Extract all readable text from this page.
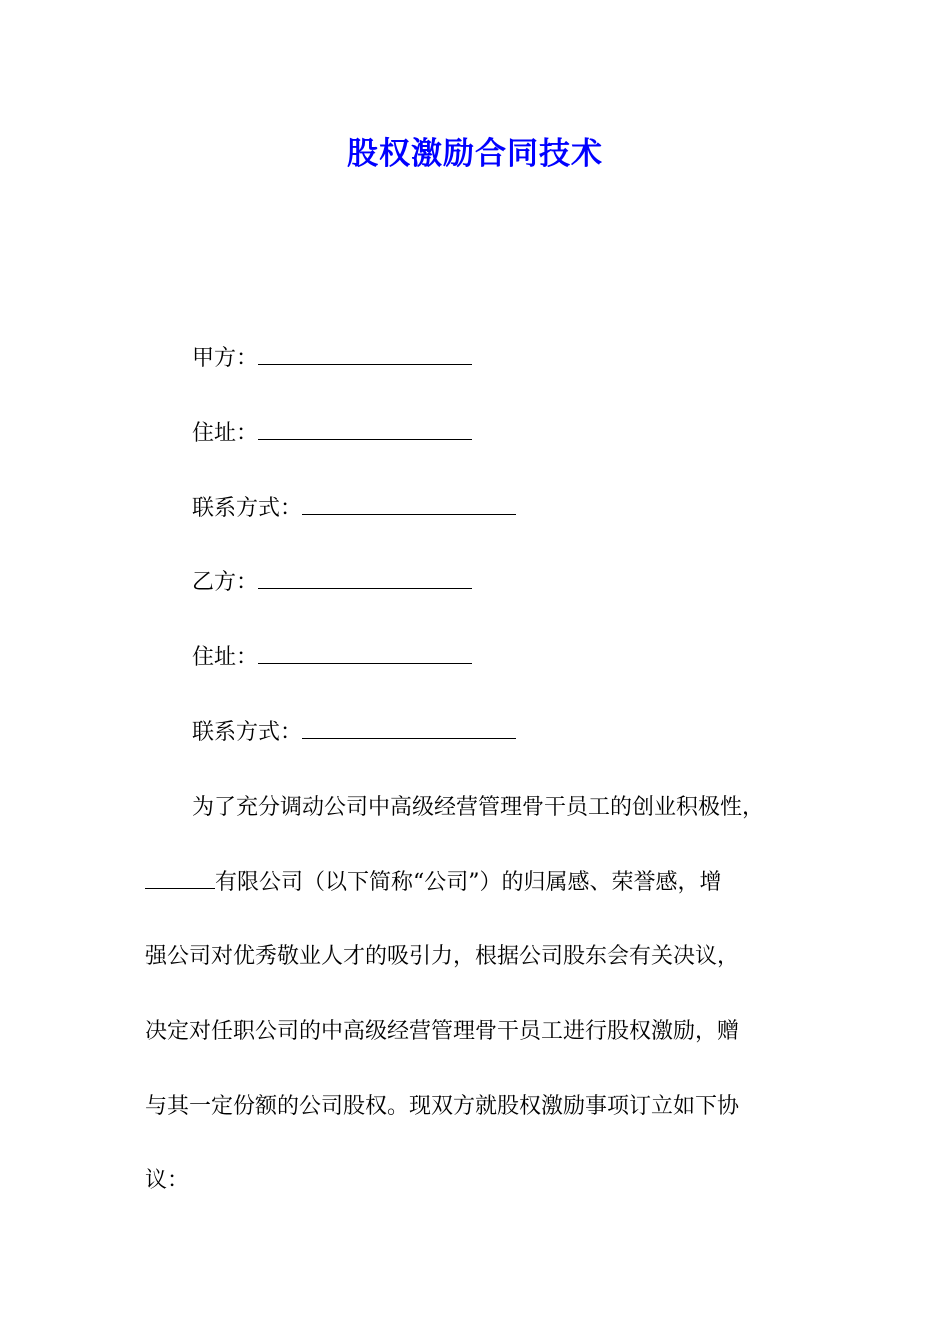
股权激励合同技术
甲方：
住址：
联系方式：
乙方：
住址：
联系方式：
为了充分调动公司中高级经营管理骨干员工的创业积极性，
有限公司（以下简称“公司”）的归属感、荣誉感，增
强公司对优秀敬业人才的吸引力，根据公司股东会有关决议，
决定对任职公司的中高级经营管理骨干员工进行股权激励，赠
与其一定份额的公司股权。现双方就股权激励事项订立如下协
议：
